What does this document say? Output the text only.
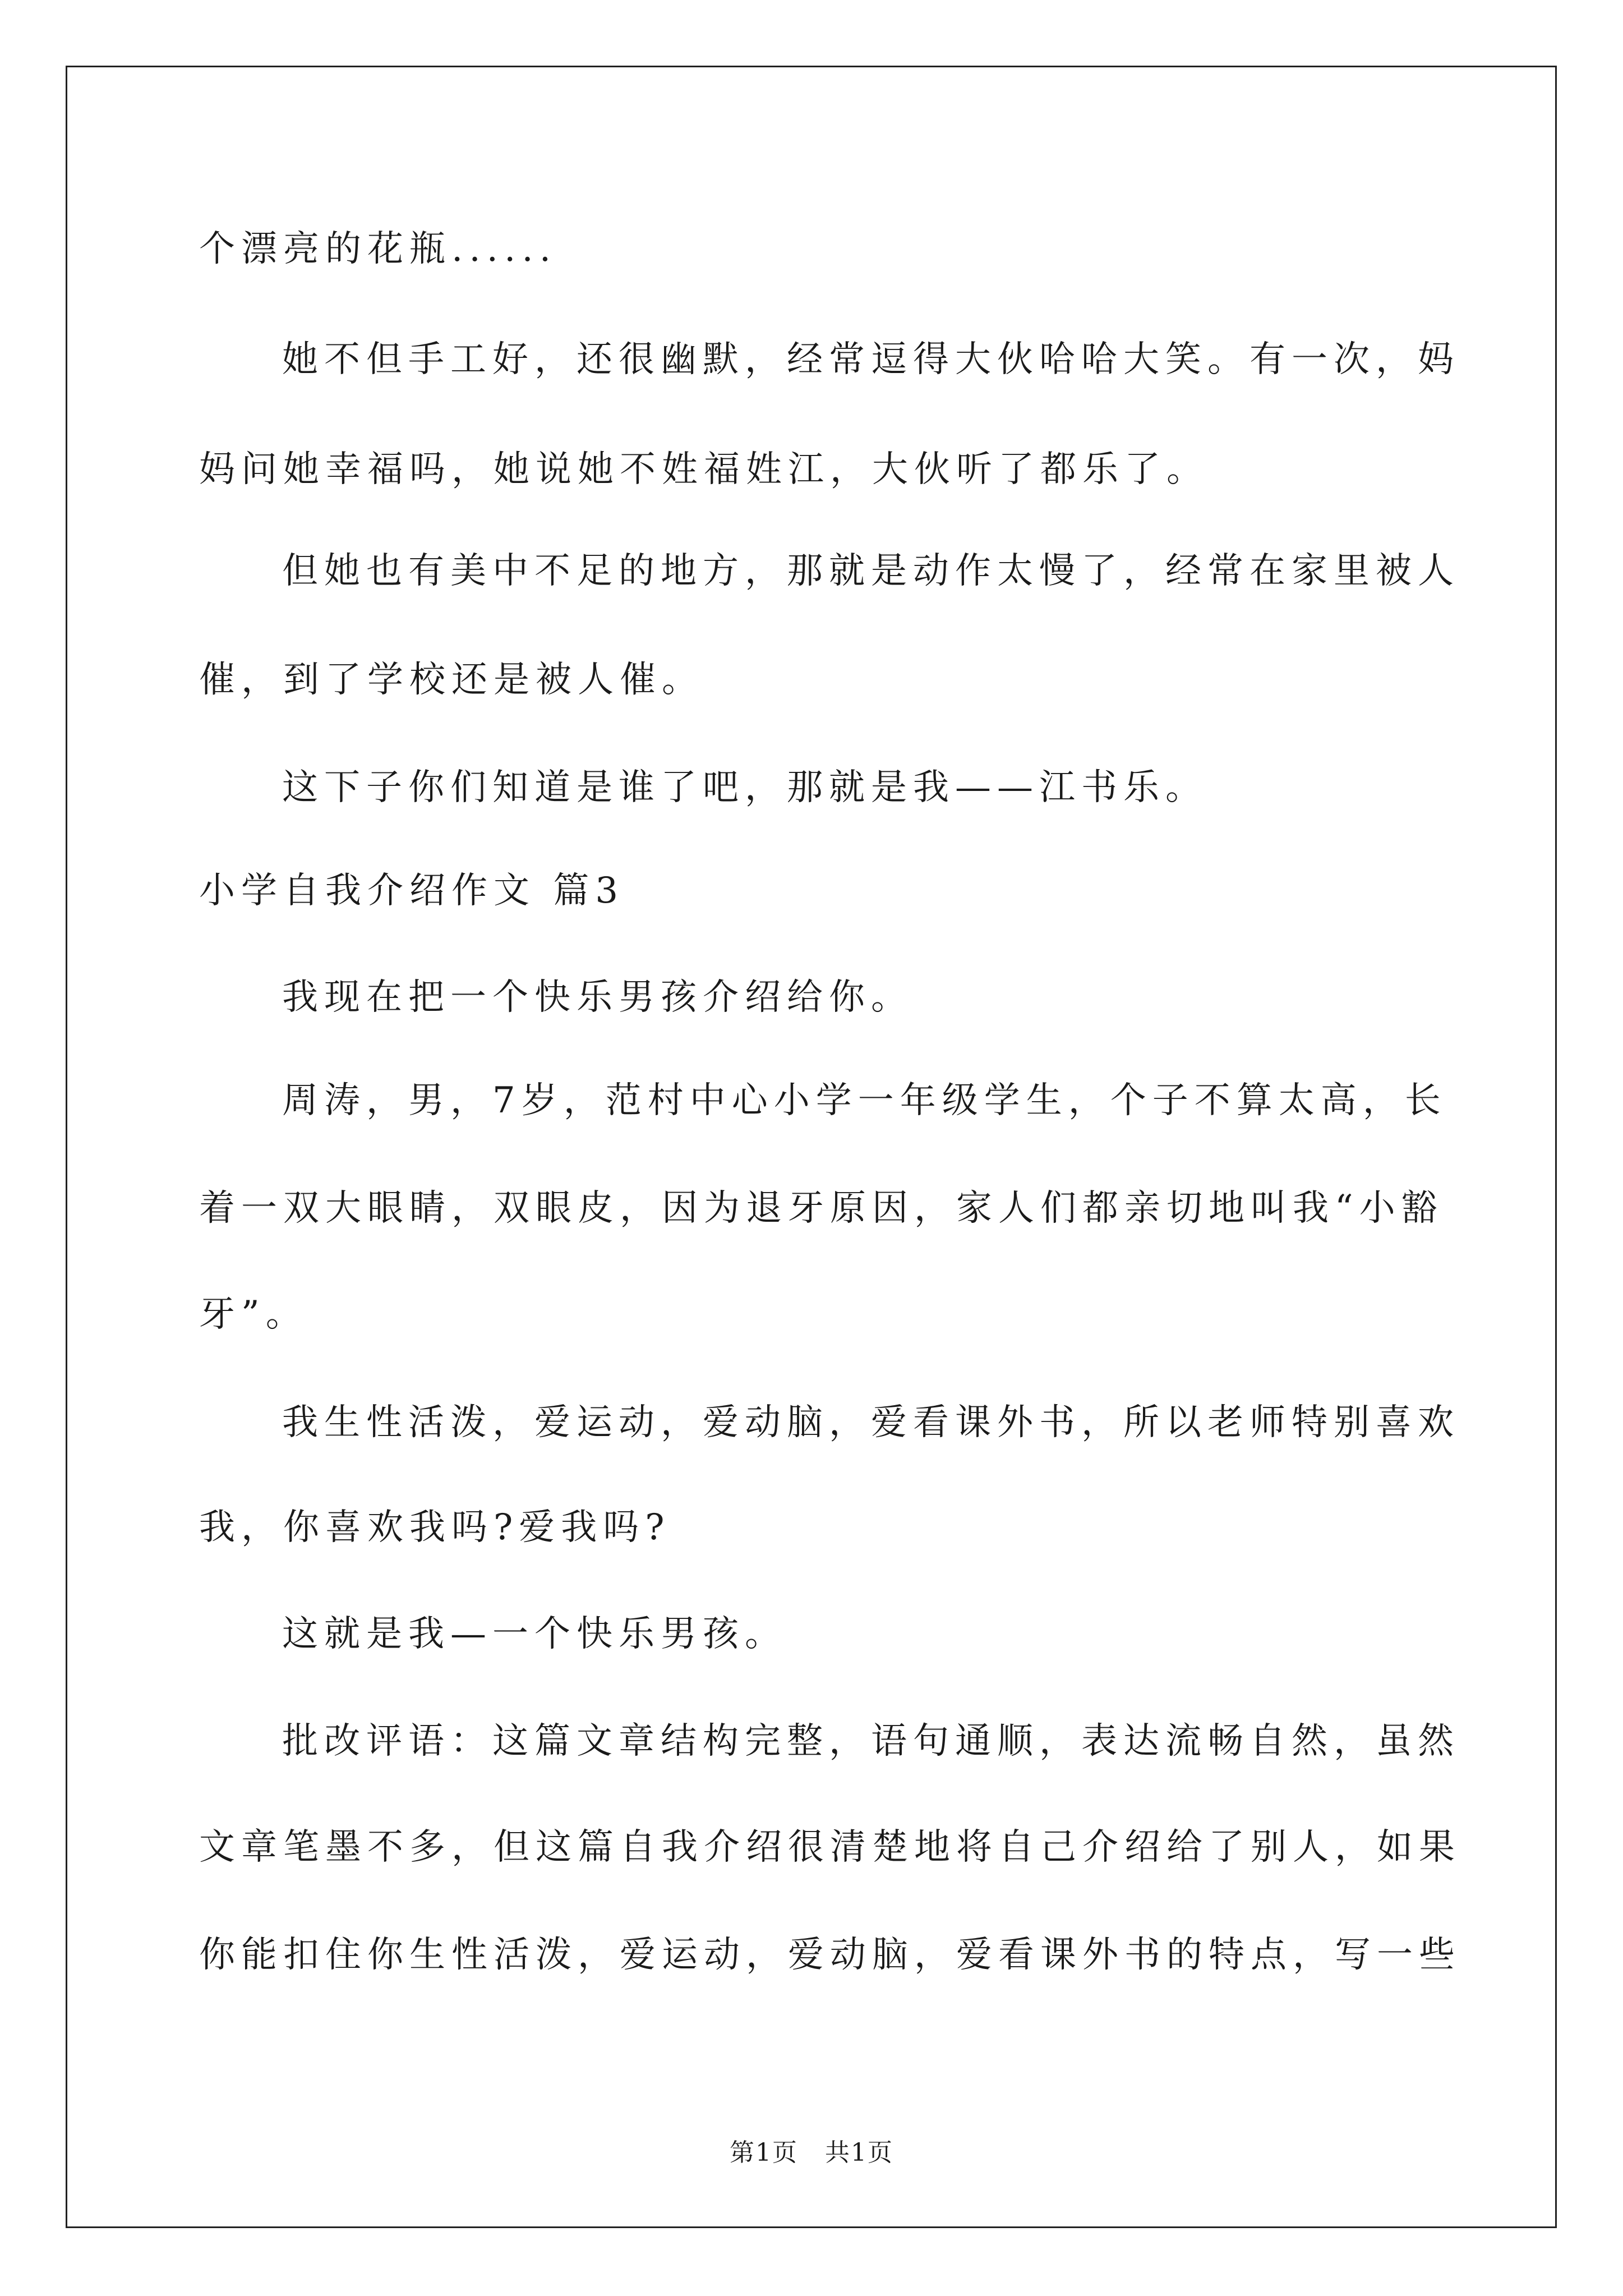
个漂亮的花瓶......
她不但手工好，还很幽默，经常逗得大伙哈哈大笑。有一次，妈
妈问她幸福吗，她说她不姓福姓江，大伙听了都乐了。
但她也有美中不足的地方，那就是动作太慢了，经常在家里被人
催，到了学校还是被人催。
这下子你们知道是谁了吧，那就是我——江书乐。
小学自我介绍作文 篇3
我现在把一个快乐男孩介绍给你。
周涛，男，7岁，范村中心小学一年级学生，个子不算太高，长
着一双大眼睛，双眼皮，因为退牙原因，家人们都亲切地叫我“小豁
牙”。
我生性活泼，爱运动，爱动脑，爱看课外书，所以老师特别喜欢
我，你喜欢我吗?爱我吗?
这就是我—一个快乐男孩。
批改评语：这篇文章结构完整，语句通顺，表达流畅自然，虽然
文章笔墨不多，但这篇自我介绍很清楚地将自己介绍给了别人，如果
你能扣住你生性活泼，爱运动，爱动脑，爱看课外书的特点，写一些
第1页 共1页
